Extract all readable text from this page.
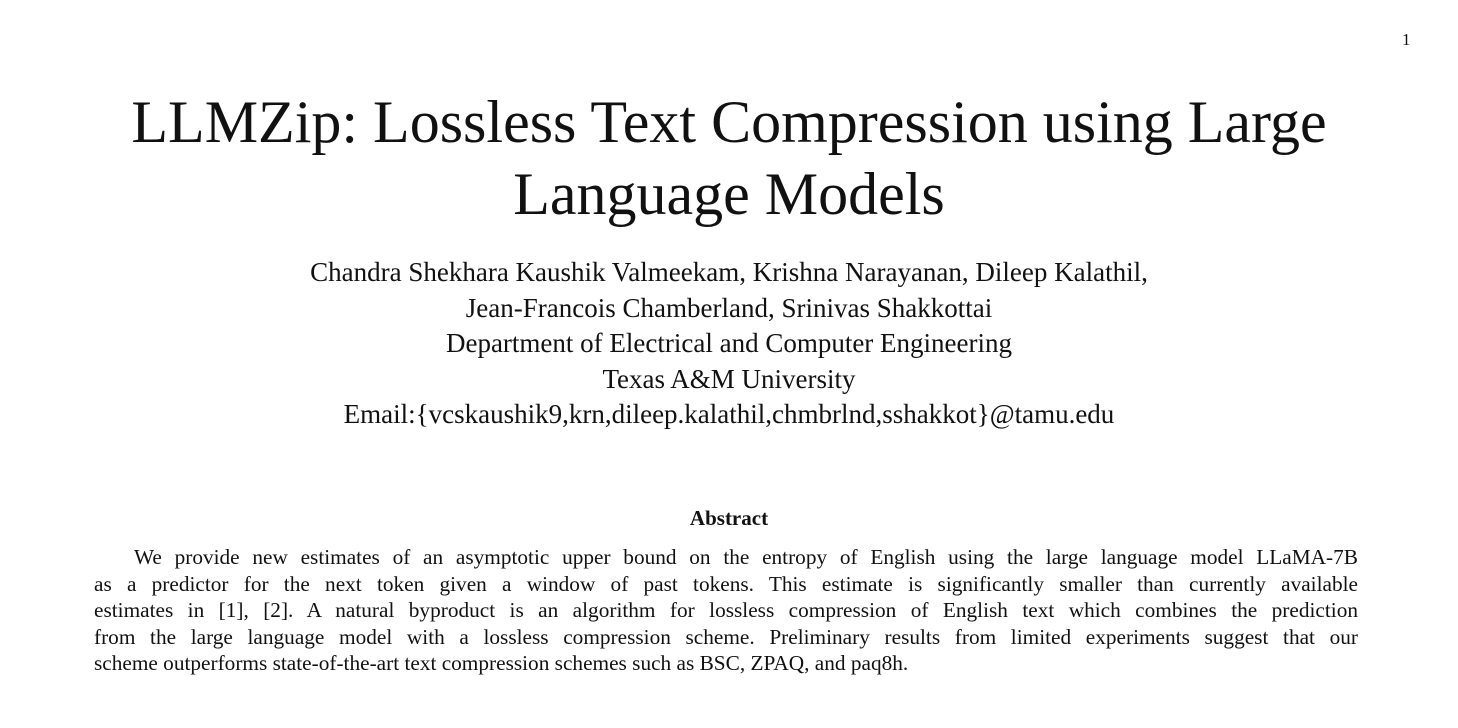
1
LLMZip: Lossless Text Compression using Large
Language Models
Chandra Shekhara Kaushik Valmeekam, Krishna Narayanan, Dileep Kalathil,
Jean-Francois Chamberland, Srinivas Shakkottai
Department of Electrical and Computer Engineering
Texas A&M University
Email:{vcskaushik9,krn,dileep.kalathil,chmbrlnd,sshakkot}@tamu.edu
Abstract
We provide new estimates of an asymptotic upper bound on the entropy of English using the large language model LLaMA-7B
as a predictor for the next token given a window of past tokens. This estimate is significantly smaller than currently available
estimates in [1], [2]. A natural byproduct is an algorithm for lossless compression of English text which combines the prediction
from the large language model with a lossless compression scheme. Preliminary results from limited experiments suggest that our
scheme outperforms state-of-the-art text compression schemes such as BSC, ZPAQ, and paq8h.
